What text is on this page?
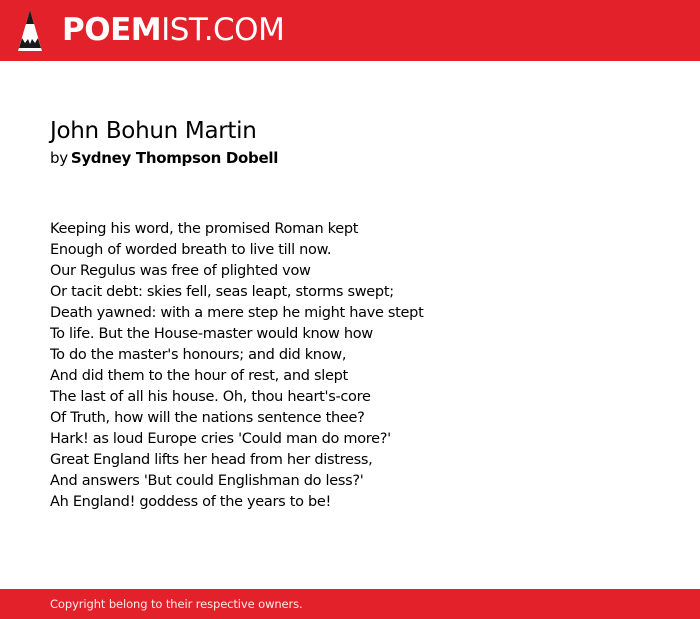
POEMIST.COM
John Bohun Martin
by Sydney Thompson Dobell
Keeping his word, the promised Roman kept
Enough of worded breath to live till now.
Our Regulus was free of plighted vow
Or tacit debt: skies fell, seas leapt, storms swept;
Death yawned: with a mere step he might have stept
To life. But the House-master would know how
To do the master's honours; and did know,
And did them to the hour of rest, and slept
The last of all his house. Oh, thou heart's-core
Of Truth, how will the nations sentence thee?
Hark! as loud Europe cries 'Could man do more?'
Great England lifts her head from her distress,
And answers 'But could Englishman do less?'
Ah England! goddess of the years to be!
Copyright belong to their respective owners.
